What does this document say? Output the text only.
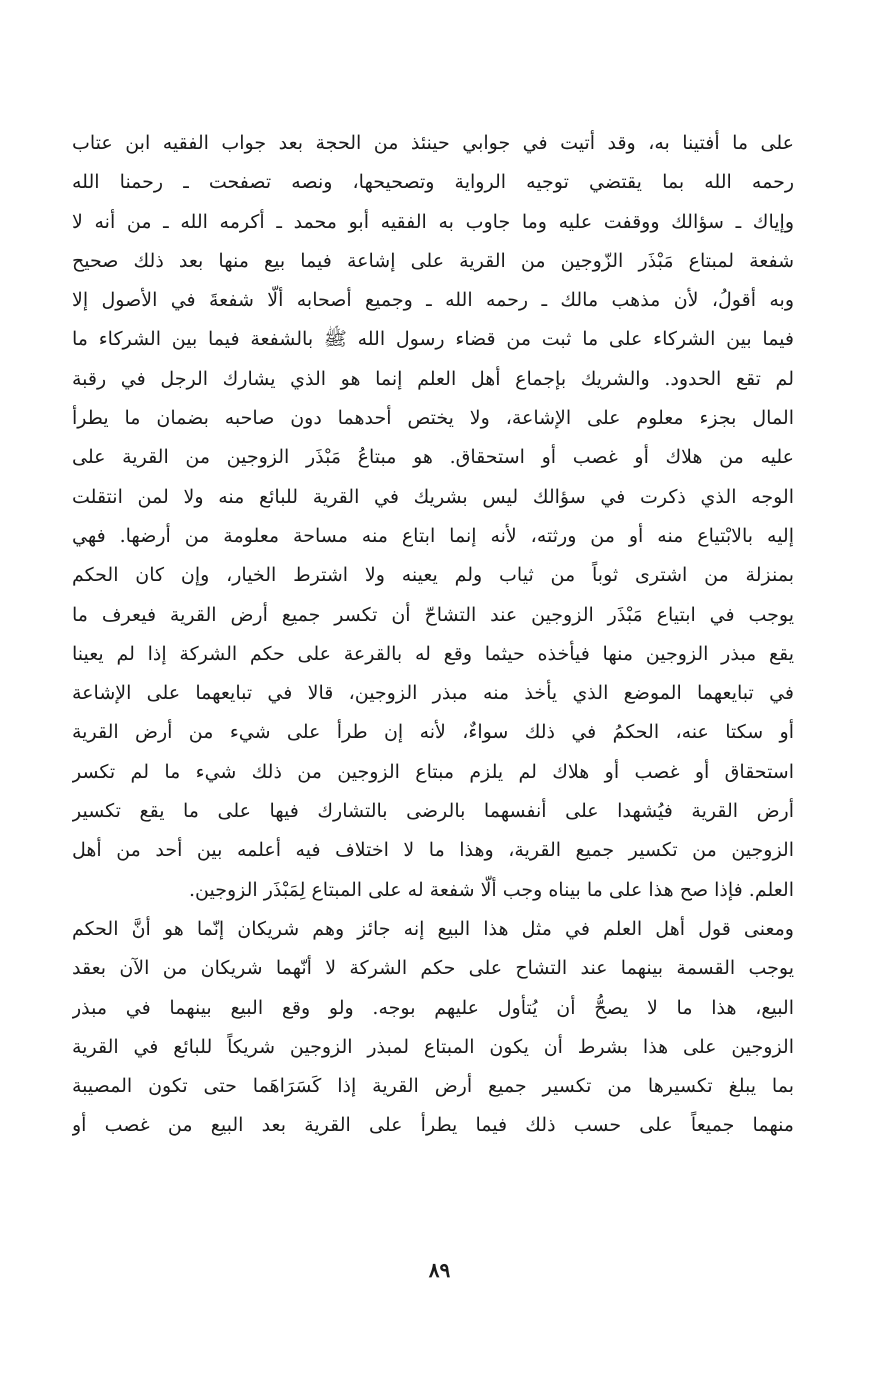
على ما أفتينا به، وقد أتيت في جوابي حينئذ من الحجة بعد جواب الفقيه ابن عتاب
رحمه الله بما يقتضي توجيه الرواية وتصحيحها، ونصه تصفحت ـ رحمنا الله
وإياك ـ سؤالك ووقفت عليه وما جاوب به الفقيه أبو محمد ـ أكرمه الله ـ من أنه لا
شفعة لمبتاع مَبْذَر الزّوجين من القرية على إشاعة فيما بيع منها بعد ذلك صحيح
وبه أقولُ، لأن مذهب مالك ـ رحمه الله ـ وجميع أصحابه ألّا شفعةَ في الأصول إلا
فيما بين الشركاء على ما ثبت من قضاء رسول الله ﷺ بالشفعة فيما بين الشركاء ما
لم تقع الحدود. والشريك بإجماع أهل العلم إنما هو الذي يشارك الرجل في رقبة
المال بجزء معلوم على الإشاعة، ولا يختص أحدهما دون صاحبه بضمان ما يطرأ
عليه من هلاك أو غصب أو استحقاق. هو مبتاعُ مَبْذَر الزوجين من القرية على
الوجه الذي ذكرت في سؤالك ليس بشريك في القرية للبائع منه ولا لمن انتقلت
إليه بالابْتياع منه أو من ورثته، لأنه إنما ابتاع منه مساحة معلومة من أرضها. فهي
بمنزلة من اشترى ثوباً من ثياب ولم يعينه ولا اشترط الخيار، وإن كان الحكم
يوجب في ابتياع مَبْذَر الزوجين عند التشاحّ أن تكسر جميع أرض القرية فيعرف ما
يقع مبذر الزوجين منها فيأخذه حيثما وقع له بالقرعة على حكم الشركة إذا لم يعينا
في تبايعهما الموضع الذي يأخذ منه مبذر الزوجين، قالا في تبايعهما على الإشاعة
أو سكتا عنه، الحكمُ في ذلك سواءٌ، لأنه إن طرأ على شيء من أرض القرية
استحقاق أو غصب أو هلاك لم يلزم مبتاع الزوجين من ذلك شيء ما لم تكسر
أرض القرية فيُشهدا على أنفسهما بالرضى بالتشارك فيها على ما يقع تكسير
الزوجين من تكسير جميع القرية، وهذا ما لا اختلاف فيه أعلمه بين أحد من أهل
العلم. فإذا صح هذا على ما بيناه وجب ألّا شفعة له على المبتاع لِمَبْذَر الزوجين.
ومعنى قول أهل العلم في مثل هذا البيع إنه جائز وهم شريكان إنّما هو أنَّ الحكم
يوجب القسمة بينهما عند التشاح على حكم الشركة لا أنّهما شريكان من الآن بعقد
البيع، هذا ما لا يصحُّ أن يُتأول عليهم بوجه. ولو وقع البيع بينهما في مبذر
الزوجين على هذا بشرط أن يكون المبتاع لمبذر الزوجين شريكاً للبائع في القرية
بما يبلغ تكسيرها من تكسير جميع أرض القرية إذا كَسَرَاهَما حتى تكون المصيبة
منهما جميعاً على حسب ذلك فيما يطرأ على القرية بعد البيع من غصب أو
٨٩
